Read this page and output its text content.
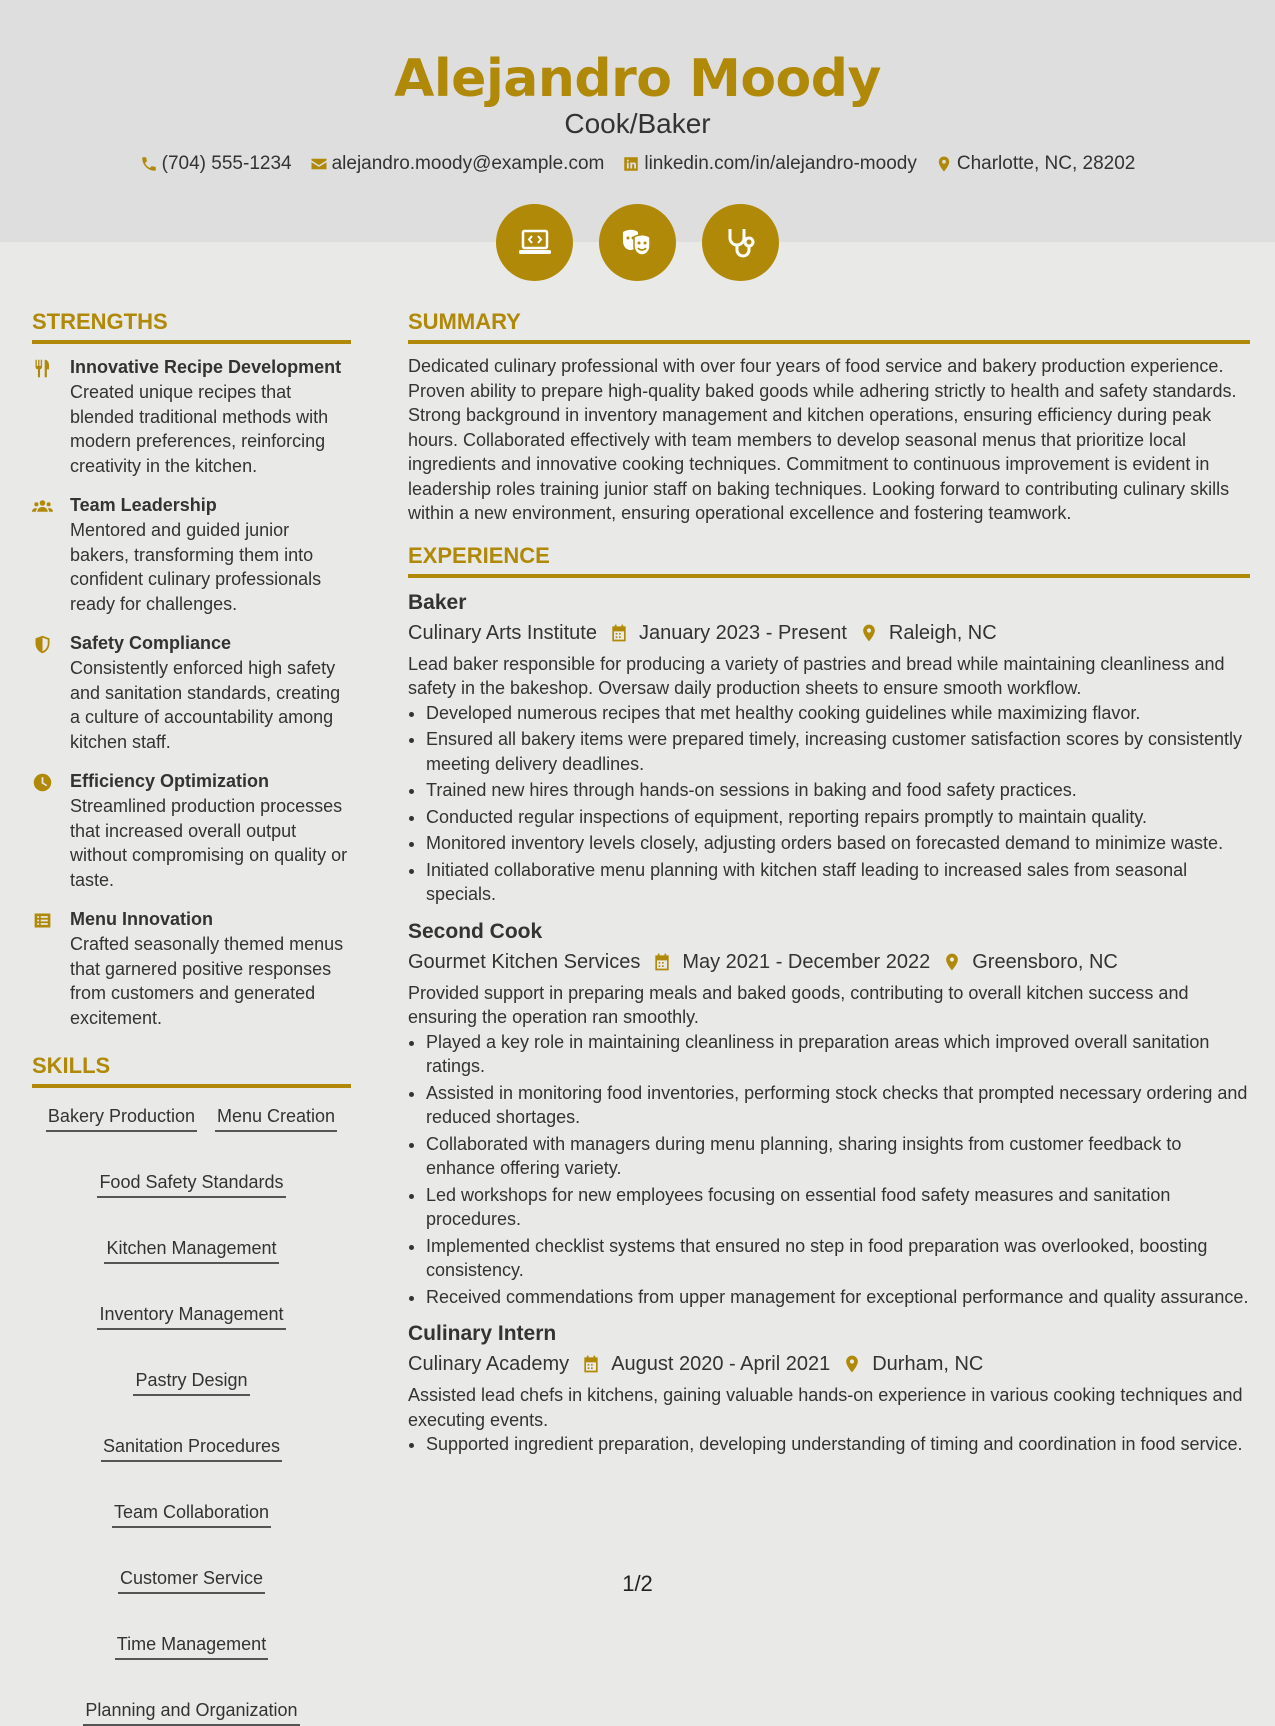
Alejandro Moody
Cook/Baker
(704) 555-1234 alejandro.moody@example.com linkedin.com/in/alejandro-moody Charlotte, NC, 28202
STRENGTHS
Innovative Recipe Development
Created unique recipes that blended traditional methods with modern preferences, reinforcing creativity in the kitchen.
Team Leadership
Mentored and guided junior bakers, transforming them into confident culinary professionals ready for challenges.
Safety Compliance
Consistently enforced high safety and sanitation standards, creating a culture of accountability among kitchen staff.
Efficiency Optimization
Streamlined production processes that increased overall output without compromising on quality or taste.
Menu Innovation
Crafted seasonally themed menus that garnered positive responses from customers and generated excitement.
SKILLS
Bakery Production Menu Creation
Food Safety Standards
Kitchen Management
Inventory Management
Pastry Design
Sanitation Procedures
Team Collaboration
Customer Service
Time Management
Planning and Organization
SUMMARY
Dedicated culinary professional with over four years of food service and bakery production experience. Proven ability to prepare high-quality baked goods while adhering strictly to health and safety standards. Strong background in inventory management and kitchen operations, ensuring efficiency during peak hours. Collaborated effectively with team members to develop seasonal menus that prioritize local ingredients and innovative cooking techniques. Commitment to continuous improvement is evident in leadership roles training junior staff on baking techniques. Looking forward to contributing culinary skills within a new environment, ensuring operational excellence and fostering teamwork.
EXPERIENCE
Baker
Culinary Arts Institute January 2023 - Present Raleigh, NC
Lead baker responsible for producing a variety of pastries and bread while maintaining cleanliness and safety in the bakeshop. Oversaw daily production sheets to ensure smooth workflow.
• Developed numerous recipes that met healthy cooking guidelines while maximizing flavor.
• Ensured all bakery items were prepared timely, increasing customer satisfaction scores by consistently meeting delivery deadlines.
• Trained new hires through hands-on sessions in baking and food safety practices.
• Conducted regular inspections of equipment, reporting repairs promptly to maintain quality.
• Monitored inventory levels closely, adjusting orders based on forecasted demand to minimize waste.
• Initiated collaborative menu planning with kitchen staff leading to increased sales from seasonal specials.
Second Cook
Gourmet Kitchen Services May 2021 - December 2022 Greensboro, NC
Provided support in preparing meals and baked goods, contributing to overall kitchen success and ensuring the operation ran smoothly.
• Played a key role in maintaining cleanliness in preparation areas which improved overall sanitation ratings.
• Assisted in monitoring food inventories, performing stock checks that prompted necessary ordering and reduced shortages.
• Collaborated with managers during menu planning, sharing insights from customer feedback to enhance offering variety.
• Led workshops for new employees focusing on essential food safety measures and sanitation procedures.
• Implemented checklist systems that ensured no step in food preparation was overlooked, boosting consistency.
• Received commendations from upper management for exceptional performance and quality assurance.
Culinary Intern
Culinary Academy August 2020 - April 2021 Durham, NC
Assisted lead chefs in kitchens, gaining valuable hands-on experience in various cooking techniques and executing events.
• Supported ingredient preparation, developing understanding of timing and coordination in food service.
1/2
